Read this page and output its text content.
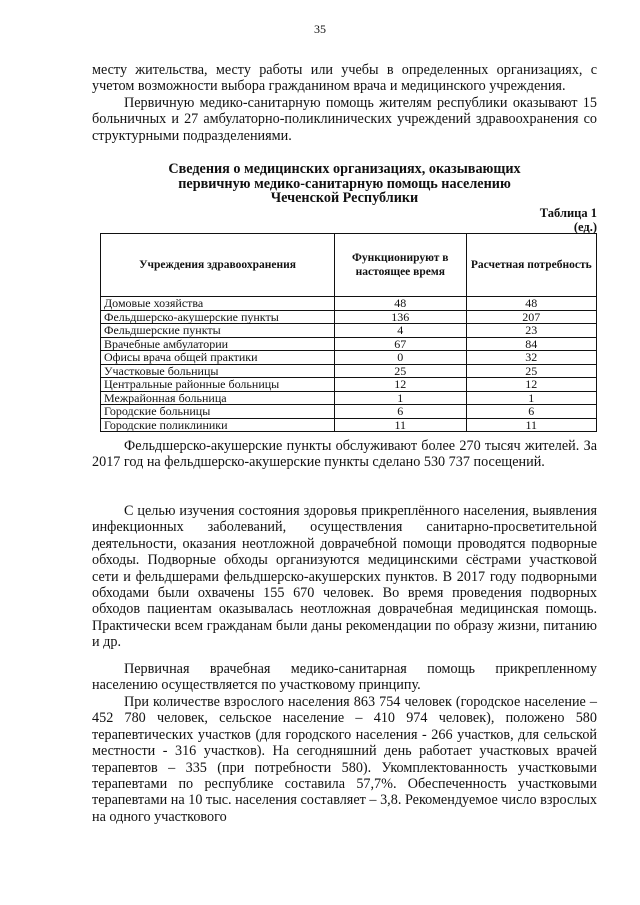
35

месту жительства, месту работы или учебы в определенных организациях, с учетом возможности выбора гражданином врача и медицинского учреждения.

Первичную медико-санитарную помощь жителям республики оказывают 15 больничных и 27 амбулаторно-поликлинических учреждений здравоохранения со структурными подразделениями.

Сведения о медицинских организациях, оказывающих
первичную медико-санитарную помощь населению
Чеченской Республики
Таблица 1
(ед.)
Учреждения здравоохранения	Функционируют в настоящее время	Расчетная потребность
Домовые хозяйства	48	48
Фельдшерско-акушерские пункты	136	207
Фельдшерские пункты	4	23
Врачебные амбулатории	67	84
Офисы врача общей практики	0	32
Участковые больницы	25	25
Центральные районные больницы	12	12
Межрайонная больница	1	1
Городские больницы	6	6
Городские поликлиники	11	11

Фельдшерско-акушерские пункты обслуживают более 270 тысяч жителей. За 2017 год на фельдшерско-акушерские пункты сделано 530 737 посещений.

С целью изучения состояния здоровья прикреплённого населения, выявления инфекционных заболеваний, осуществления санитарно-просветительной деятельности, оказания неотложной доврачебной помощи проводятся подворные обходы. Подворные обходы организуются медицинскими сёстрами участковой сети и фельдшерами фельдшерско-акушерских пунктов. В 2017 году подворными обходами были охвачены 155 670 человек. Во время проведения подворных обходов пациентам оказывалась неотложная доврачебная медицинская помощь. Практически всем гражданам были даны рекомендации по образу жизни, питанию и др.

Первичная врачебная медико-санитарная помощь прикрепленному населению осуществляется по участковому принципу.

При количестве взрослого населения 863 754 человек (городское население – 452 780 человек, сельское население – 410 974 человек), положено 580 терапевтических участков (для городского населения - 266 участков, для сельской местности - 316 участков). На сегодняшний день работает участковых врачей терапевтов – 335 (при потребности 580). Укомплектованность участковыми терапевтами по республике составила 57,7%. Обеспеченность участковыми терапевтами на 10 тыс. населения составляет – 3,8. Рекомендуемое число взрослых на одного участкового
